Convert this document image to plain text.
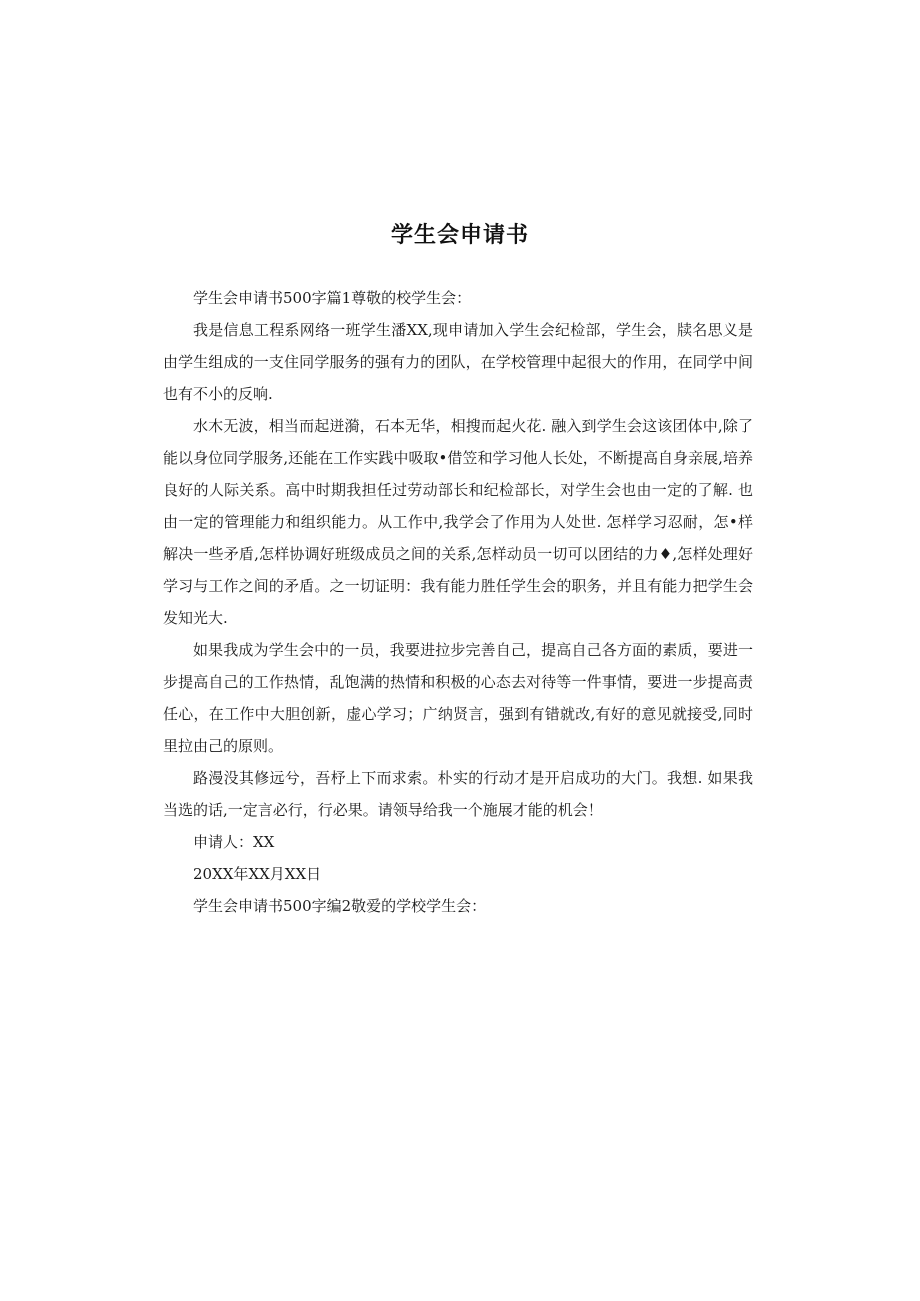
学生会申请书

学生会申请书500字篇1尊敬的校学生会：

我是信息工程系网络一班学生潘XX,现申请加入学生会纪检部，学生会，牍名思义是由学生组成的一支住同学服务的强有力的团队，在学校管理中起很大的作用，在同学中间也有不小的反响.

水木无波，相当而起迸漪，石本无华，相搜而起火花. 融入到学生会这该团体中,除了能以身位同学服务,还能在工作实践中吸取•借笠和学习他人长处，不断提高自身亲展,培养良好的人际关系。高中时期我担任过劳动部长和纪检部长，对学生会也由一定的了解. 也由一定的管理能力和组织能力。从工作中,我学会了作用为人处世. 怎样学习忍耐，怎•样解决一些矛盾,怎样协调好班级成员之间的关系,怎样动员一切可以团结的力♦,怎样处理好学习与工作之间的矛盾。之一切证明：我有能力胜任学生会的职务，并且有能力把学生会发知光大.

如果我成为学生会中的一员，我要进拉步完善自己，提高自己各方面的素质，要进一步提高自己的工作热情，乱饱满的热情和积极的心态去对待等一件事情，要进一步提高责任心，在工作中大胆创新，虚心学习；广纳贤言，强到有错就改,有好的意见就接受,同时里拉由己的原则。

路漫没其修远兮，吾杼上下而求索。朴实的行动才是开启成功的大门。我想. 如果我当选的话,一定言必行，行必果。请领导给我一个施展才能的机会！

申请人：XX

20XX年XX月XX日

学生会申请书500字编2敬爱的学校学生会：
